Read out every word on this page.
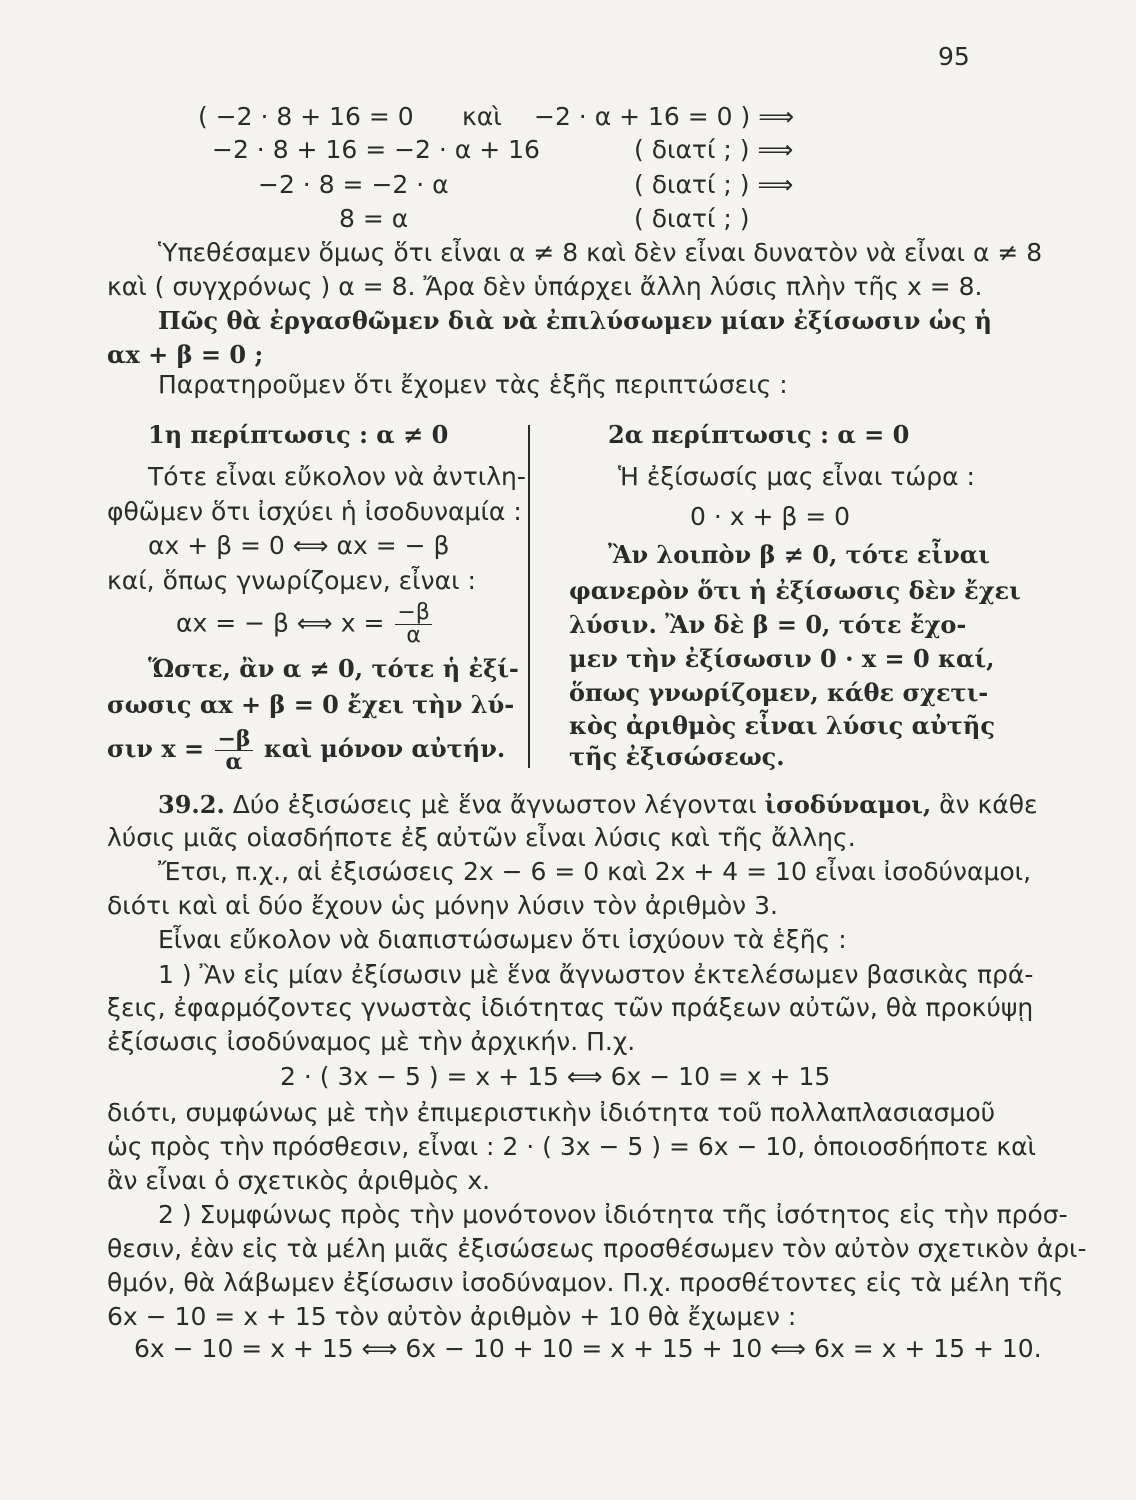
95
( −2 · 8 + 16 = 0 καὶ −2 · α + 16 = 0 ) ⟹
−2 · 8 + 16 = −2 · α + 16	( διατί ; ) ⟹
−2 · 8 = −2 · α	( διατί ; ) ⟹
8 = α	( διατί ; )
Ὑπεθέσαμεν ὅμως ὅτι εἶναι α ≠ 8 καὶ δὲν εἶναι δυνατὸν νὰ εἶναι α ≠ 8
καὶ ( συγχρόνως ) α = 8. Ἄρα δὲν ὑπάρχει ἄλλη λύσις πλὴν τῆς x = 8.
Πῶς θὰ ἐργασθῶμεν διὰ νὰ ἐπιλύσωμεν μίαν ἐξίσωσιν ὡς ἡ
αx + β = 0 ;
Παρατηροῦμεν ὅτι ἔχομεν τὰς ἑξῆς περιπτώσεις :
1η περίπτωσις : α ≠ 0
Τότε εἶναι εὔκολον νὰ ἀντιλη-
φθῶμεν ὅτι ἰσχύει ἡ ἰσοδυναμία :
αx + β = 0 ⟺ αx = − β
καί, ὅπως γνωρίζομεν, εἶναι :
αx = − β ⟺ $x = \frac{-\beta}{\alpha}$
Ὥστε, ἂν α ≠ 0, τότε ἡ ἐξί-
σωσις αx + β = 0 ἔχει τὴν λύ-
σιν $x = \frac{-\beta}{\alpha}$ καὶ μόνον αὐτήν.
2α περίπτωσις : α = 0
Ἡ ἐξίσωσίς μας εἶναι τώρα :
0 · x + β = 0
Ἂν λοιπὸν β ≠ 0, τότε εἶναι
φανερὸν ὅτι ἡ ἐξίσωσις δὲν ἔχει
λύσιν. Ἂν δὲ β = 0, τότε ἔχο-
μεν τὴν ἐξίσωσιν 0 · x = 0 καί,
ὅπως γνωρίζομεν, κάθε σχετι-
κὸς ἀριθμὸς εἶναι λύσις αὐτῆς
τῆς ἐξισώσεως.
39.2. Δύο ἐξισώσεις μὲ ἕνα ἄγνωστον λέγονται ἰσοδύναμοι, ἂν κάθε
λύσις μιᾶς οἱασδήποτε ἐξ αὐτῶν εἶναι λύσις καὶ τῆς ἄλλης.
Ἔτσι, π.χ., αἱ ἐξισώσεις 2x − 6 = 0 καὶ 2x + 4 = 10 εἶναι ἰσοδύναμοι,
διότι καὶ αἱ δύο ἔχουν ὡς μόνην λύσιν τὸν ἀριθμὸν 3.
Εἶναι εὔκολον νὰ διαπιστώσωμεν ὅτι ἰσχύουν τὰ ἑξῆς :
1 ) Ἂν εἰς μίαν ἐξίσωσιν μὲ ἕνα ἄγνωστον ἐκτελέσωμεν βασικὰς πρά-
ξεις, ἐφαρμόζοντες γνωστὰς ἰδιότητας τῶν πράξεων αὐτῶν, θὰ προκύψῃ
ἐξίσωσις ἰσοδύναμος μὲ τὴν ἀρχικήν. Π.χ.
2 · ( 3x − 5 ) = x + 15 ⟺ 6x − 10 = x + 15
διότι, συμφώνως μὲ τὴν ἐπιμεριστικὴν ἰδιότητα τοῦ πολλαπλασιασμοῦ
ὡς πρὸς τὴν πρόσθεσιν, εἶναι : 2 · ( 3x − 5 ) = 6x − 10, ὁποιοσδήποτε καὶ
ἂν εἶναι ὁ σχετικὸς ἀριθμὸς x.
2 ) Συμφώνως πρὸς τὴν μονότονον ἰδιότητα τῆς ἰσότητος εἰς τὴν πρόσ-
θεσιν, ἐὰν εἰς τὰ μέλη μιᾶς ἐξισώσεως προσθέσωμεν τὸν αὐτὸν σχετικὸν ἀρι-
θμόν, θὰ λάβωμεν ἐξίσωσιν ἰσοδύναμον. Π.χ. προσθέτοντες εἰς τὰ μέλη τῆς
6x − 10 = x + 15 τὸν αὐτὸν ἀριθμὸν + 10 θὰ ἔχωμεν :
6x − 10 = x + 15 ⟺ 6x − 10 + 10 = x + 15 + 10 ⟺ 6x = x + 15 + 10.
